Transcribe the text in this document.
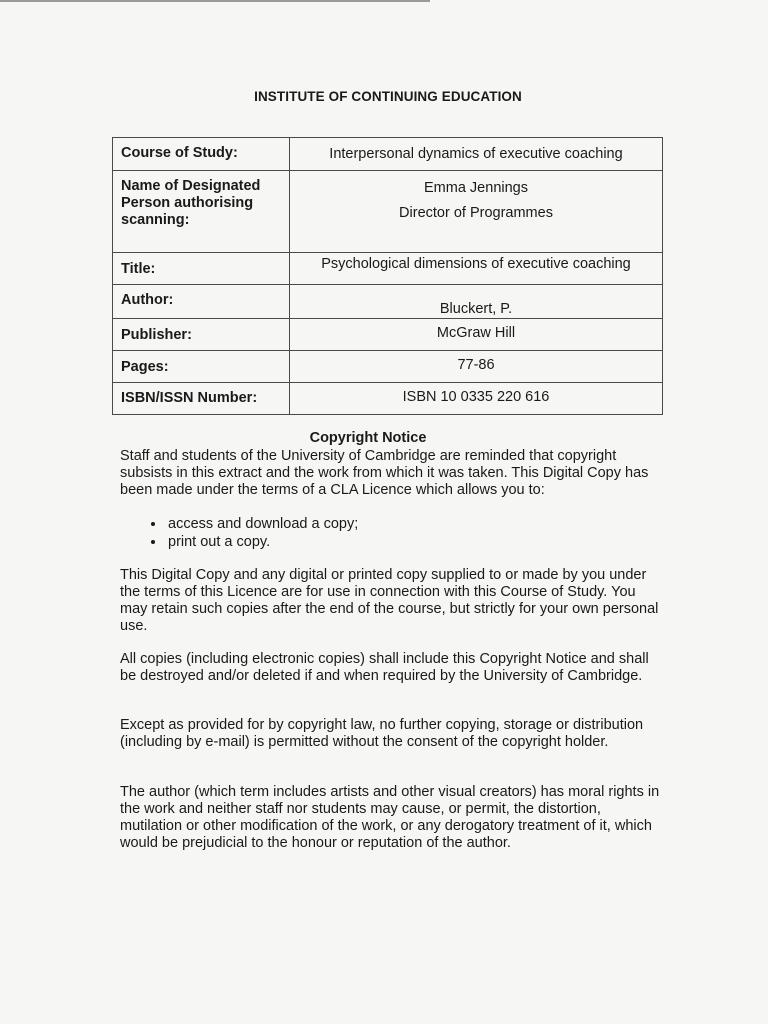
INSTITUTE OF CONTINUING EDUCATION
Course of Study:	Interpersonal dynamics of executive coaching
Name of Designated Person authorising scanning:	Emma Jennings
Director of Programmes

Title:	Psychological dimensions of executive coaching
Author:	Bluckert, P.
Publisher:	McGraw Hill
Pages:	77-86
ISBN/ISSN Number:	ISBN 10 0335 220 616
Copyright Notice

Staff and students of the University of Cambridge are reminded that copyright subsists in this extract and the work from which it was taken. This Digital Copy has been made under the terms of a CLA Licence which allows you to:

• access and download a copy;
• print out a copy.

This Digital Copy and any digital or printed copy supplied to or made by you under the terms of this Licence are for use in connection with this Course of Study. You may retain such copies after the end of the course, but strictly for your own personal use.

All copies (including electronic copies) shall include this Copyright Notice and shall be destroyed and/or deleted if and when required by the University of Cambridge.

Except as provided for by copyright law, no further copying, storage or distribution (including by e-mail) is permitted without the consent of the copyright holder.

The author (which term includes artists and other visual creators) has moral rights in the work and neither staff nor students may cause, or permit, the distortion, mutilation or other modification of the work, or any derogatory treatment of it, which would be prejudicial to the honour or reputation of the author.
